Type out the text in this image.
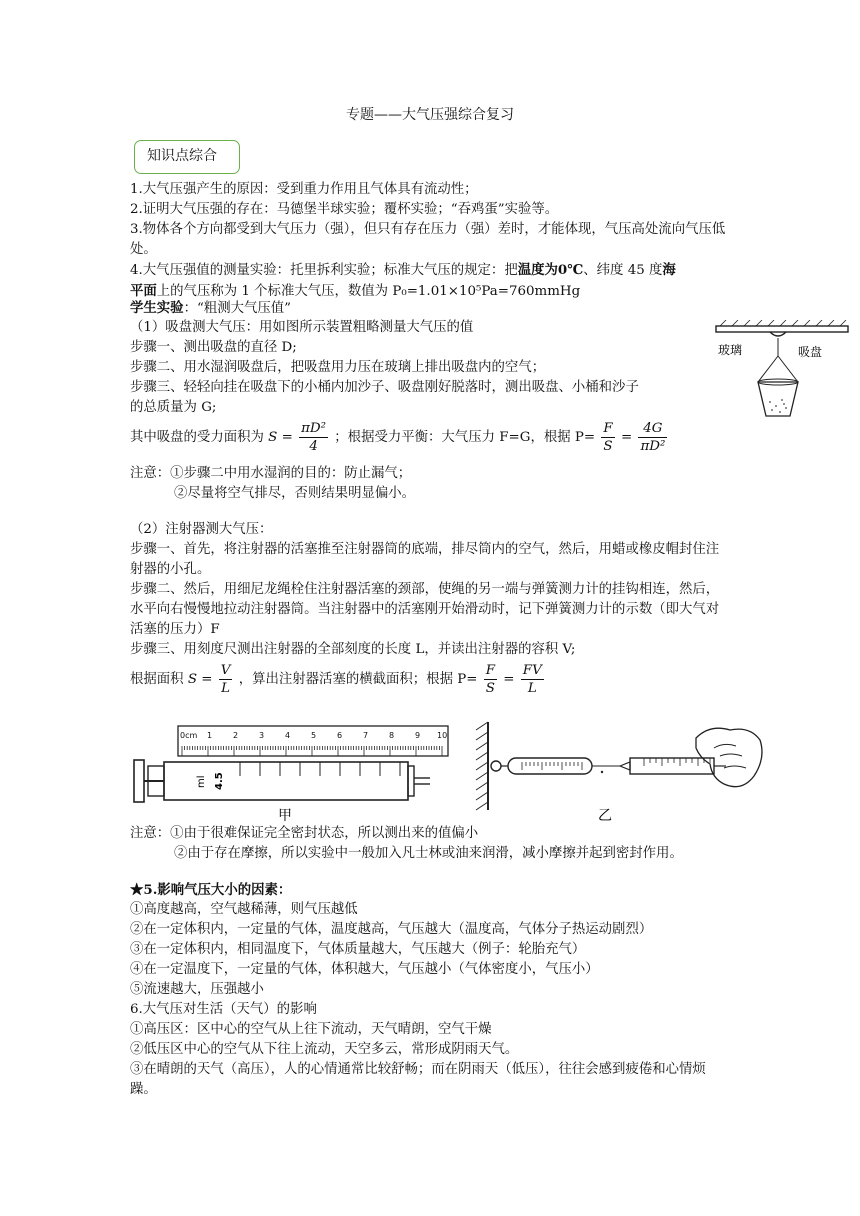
专题——大气压强综合复习
知识点综合
1.大气压强产生的原因：受到重力作用且气体具有流动性；
2.证明大气压强的存在：马德堡半球实验；覆杯实验；“吞鸡蛋”实验等。
3.物体各个方向都受到大气压力（强），但只有存在压力（强）差时，才能体现，气压高处流向气压低处。
4.大气压强值的测量实验：托里拆利实验；标准大气压的规定：把温度为0℃、纬度 45 度海
平面上的气压称为 1 个标准大气压，数值为 P₀=1.01×10⁵Pa=760mmHg
学生实验：“粗测大气压值”
（1）吸盘测大气压：用如图所示装置粗略测量大气压的值
步骤一、测出吸盘的直径 D;
步骤二、用水湿润吸盘后，把吸盘用力压在玻璃上排出吸盘内的空气；
步骤三、轻轻向挂在吸盘下的小桶内加沙子、吸盘刚好脱落时，测出吸盘、小桶和沙子
的总质量为 G;
其中吸盘的受力面积为 $S = \frac{\text{πD²}}{4}$ ；根据受力平衡：大气压力 F=G，根据 $P= \frac{F}{S} = \frac{4G}{\text{πD²}}$
注意：①步骤二中用水湿润的目的：防止漏气；
②尽量将空气排尽，否则结果明显偏小。
（2）注射器测大气压：
步骤一、首先，将注射器的活塞推至注射器筒的底端，排尽筒内的空气，然后，用蜡或橡皮帽封住注射器的小孔。
步骤二、然后，用细尼龙绳栓住注射器活塞的颈部，使绳的另一端与弹簧测力计的挂钩相连，然后，水平向右慢慢地拉动注射器筒。当注射器中的活塞刚开始滑动时，记下弹簧测力计的示数（即大气对活塞的压力）F
步骤三、用刻度尺测出注射器的全部刻度的长度 L，并读出注射器的容积 V;
根据面积 $S = \frac{V}{L}$ ，算出注射器活塞的横截面积；根据 $P= \frac{F}{S} = \frac{FV}{L}$
玻璃	吸盘
0cm 1	2	3	4	5	6	7	8	9 10
4.5
ml
甲	乙
注意：①由于很难保证完全密封状态，所以测出来的值偏小
②由于存在摩擦，所以实验中一般加入凡士林或油来润滑，减小摩擦并起到密封作用。
★5.影响气压大小的因素：
①高度越高，空气越稀薄，则气压越低
②在一定体积内，一定量的气体，温度越高，气压越大（温度高，气体分子热运动剧烈）
③在一定体积内，相同温度下，气体质量越大，气压越大（例子：轮胎充气）
④在一定温度下，一定量的气体，体积越大，气压越小（气体密度小，气压小）
⑤流速越大，压强越小
6.大气压对生活（天气）的影响
①高压区：区中心的空气从上往下流动，天气晴朗，空气干燥
②低压区中心的空气从下往上流动，天空多云，常形成阴雨天气。
③在晴朗的天气（高压），人的心情通常比较舒畅；而在阴雨天（低压），往往会感到疲倦和心情烦躁。
